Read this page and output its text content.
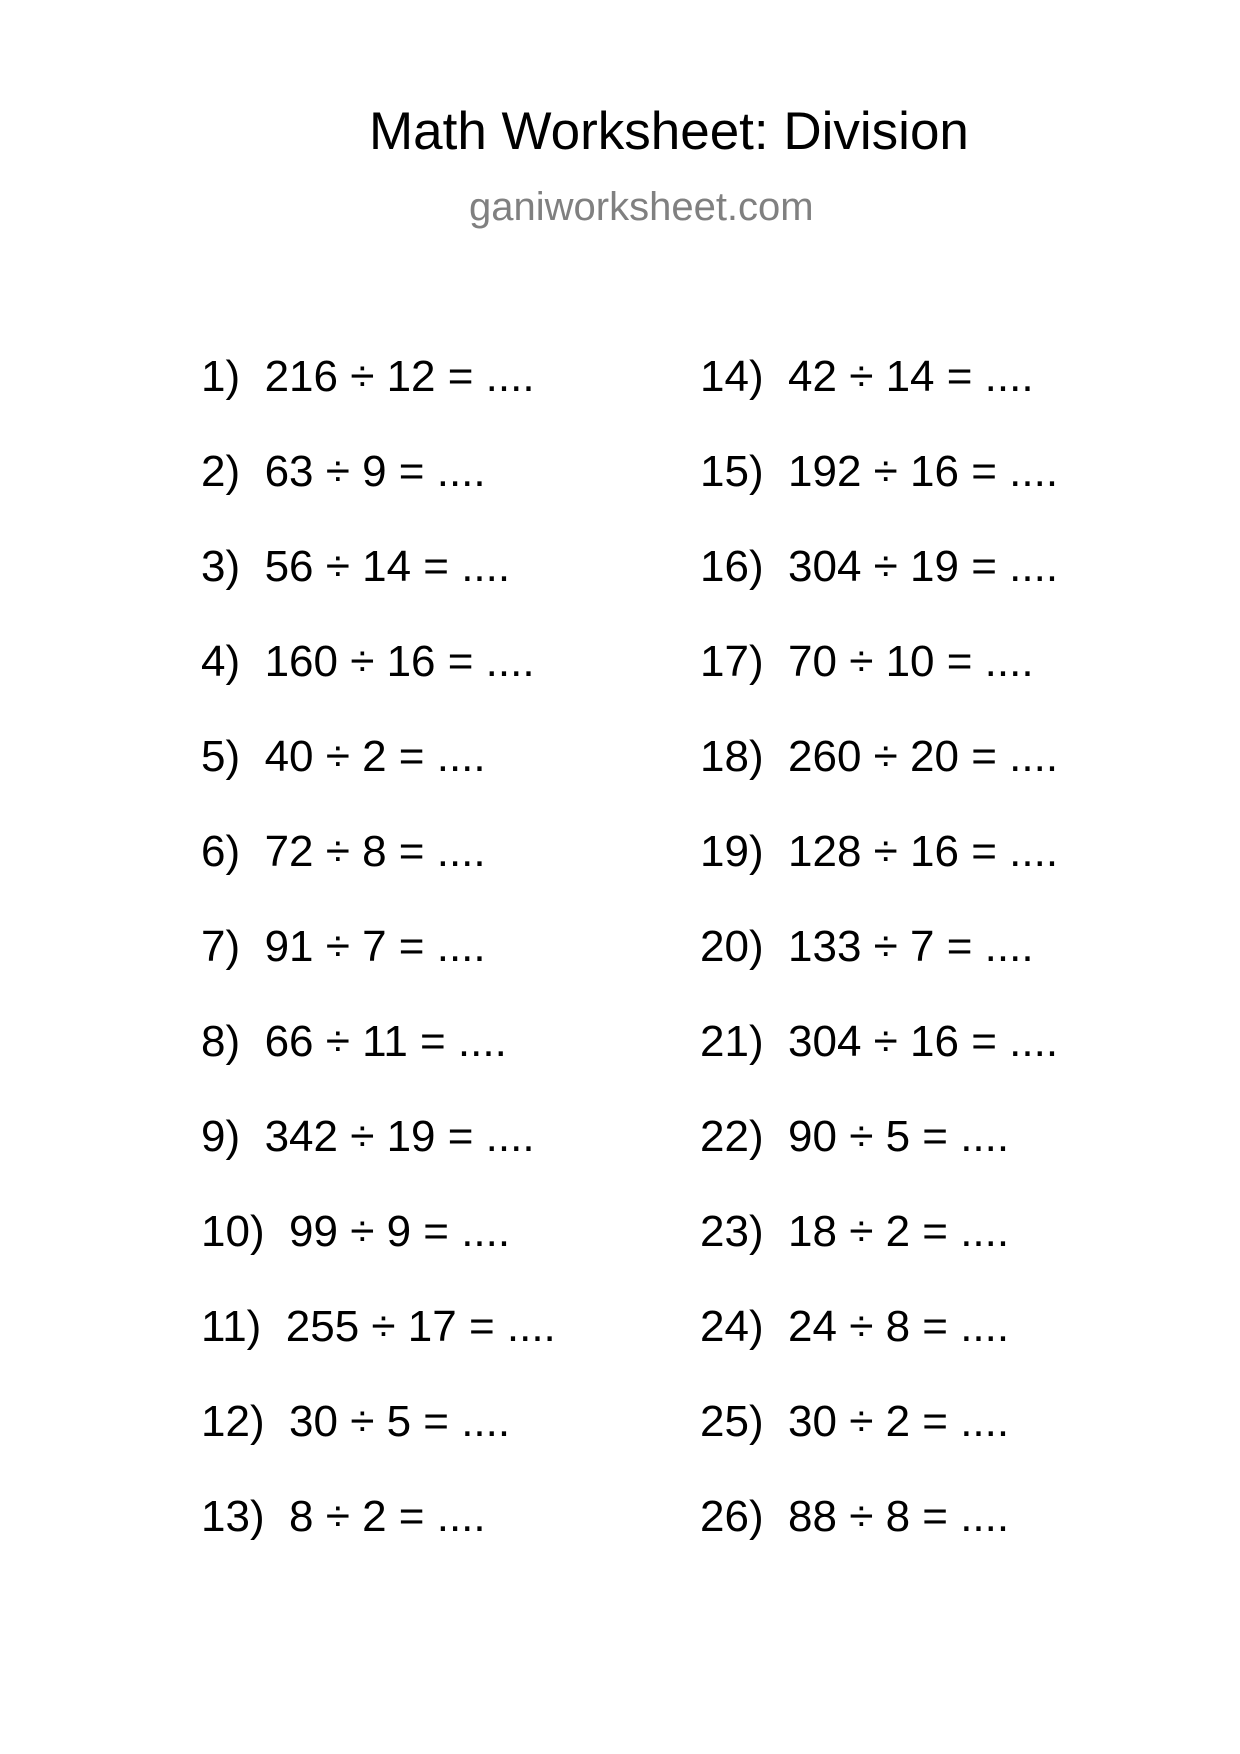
Math Worksheet: Division
ganiworksheet.com
1)  216 ÷ 12 = ....
2)  63 ÷ 9 = ....
3)  56 ÷ 14 = ....
4)  160 ÷ 16 = ....
5)  40 ÷ 2 = ....
6)  72 ÷ 8 = ....
7)  91 ÷ 7 = ....
8)  66 ÷ 11 = ....
9)  342 ÷ 19 = ....
10)  99 ÷ 9 = ....
11)  255 ÷ 17 = ....
12)  30 ÷ 5 = ....
13)  8 ÷ 2 = ....
14)  42 ÷ 14 = ....
15)  192 ÷ 16 = ....
16)  304 ÷ 19 = ....
17)  70 ÷ 10 = ....
18)  260 ÷ 20 = ....
19)  128 ÷ 16 = ....
20)  133 ÷ 7 = ....
21)  304 ÷ 16 = ....
22)  90 ÷ 5 = ....
23)  18 ÷ 2 = ....
24)  24 ÷ 8 = ....
25)  30 ÷ 2 = ....
26)  88 ÷ 8 = ....
